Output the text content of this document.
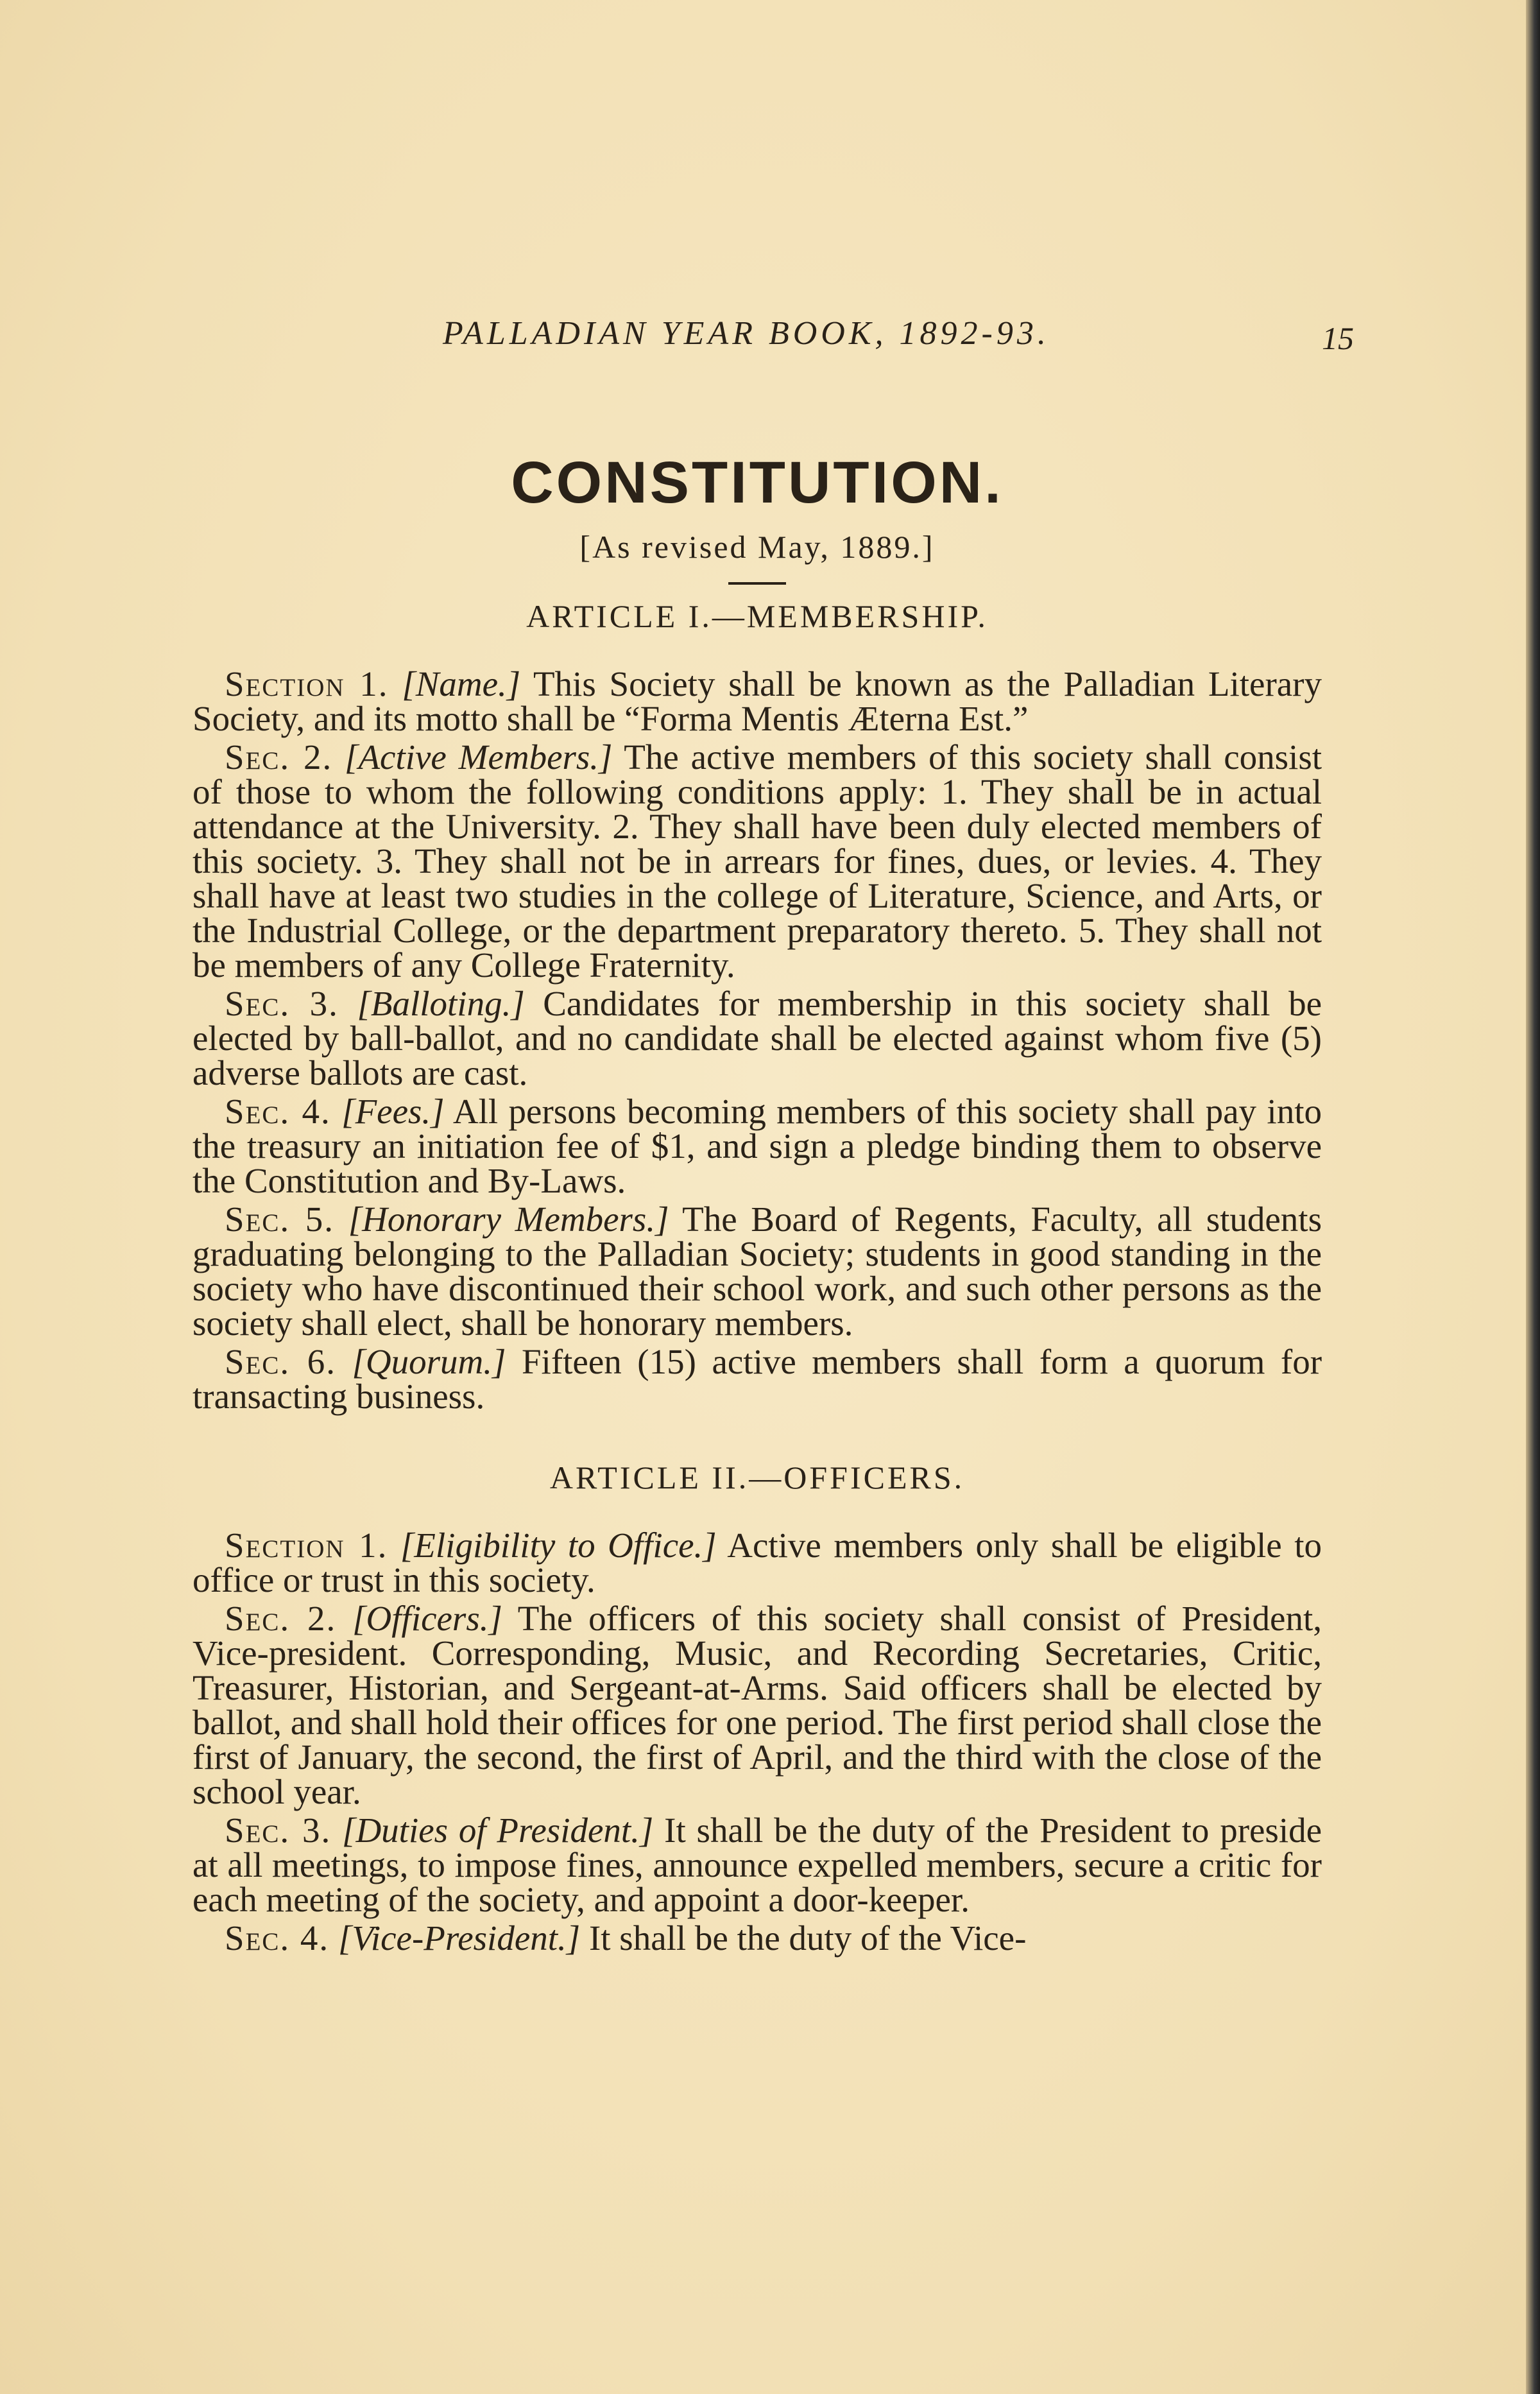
PALLADIAN YEAR BOOK, 1892-93.	15
CONSTITUTION.
[As revised May, 1889.]
ARTICLE I.—MEMBERSHIP.

Section 1. [Name.] This Society shall be known as the Palladian Literary Society, and its motto shall be “Forma Mentis Æterna Est.”

Sec. 2. [Active Members.] The active members of this society shall consist of those to whom the following conditions apply: 1. They shall be in actual attendance at the University. 2. They shall have been duly elected members of this society. 3. They shall not be in arrears for fines, dues, or levies. 4. They shall have at least two studies in the college of Literature, Science, and Arts, or the Industrial College, or the department preparatory thereto. 5. They shall not be members of any College Fraternity.

Sec. 3. [Balloting.] Candidates for membership in this society shall be elected by ball-ballot, and no candidate shall be elected against whom five (5) adverse ballots are cast.

Sec. 4. [Fees.] All persons becoming members of this society shall pay into the treasury an initiation fee of $1, and sign a pledge binding them to observe the Constitution and By-Laws.

Sec. 5. [Honorary Members.] The Board of Regents, Faculty, all students graduating belonging to the Palladian Society; students in good standing in the society who have discontinued their school work, and such other persons as the society shall elect, shall be honorary members.

Sec. 6. [Quorum.] Fifteen (15) active members shall form a quorum for transacting business.

ARTICLE II.—OFFICERS.

Section 1. [Eligibility to Office.] Active members only shall be eligible to office or trust in this society.

Sec. 2. [Officers.] The officers of this society shall consist of President, Vice-president. Corresponding, Music, and Recording Secretaries, Critic, Treasurer, Historian, and Sergeant-at-Arms. Said officers shall be elected by ballot, and shall hold their offices for one period. The first period shall close the first of January, the second, the first of April, and the third with the close of the school year.

Sec. 3. [Duties of President.] It shall be the duty of the President to preside at all meetings, to impose fines, announce expelled members, secure a critic for each meeting of the society, and appoint a door-keeper.

Sec. 4. [Vice-President.] It shall be the duty of the Vice-
